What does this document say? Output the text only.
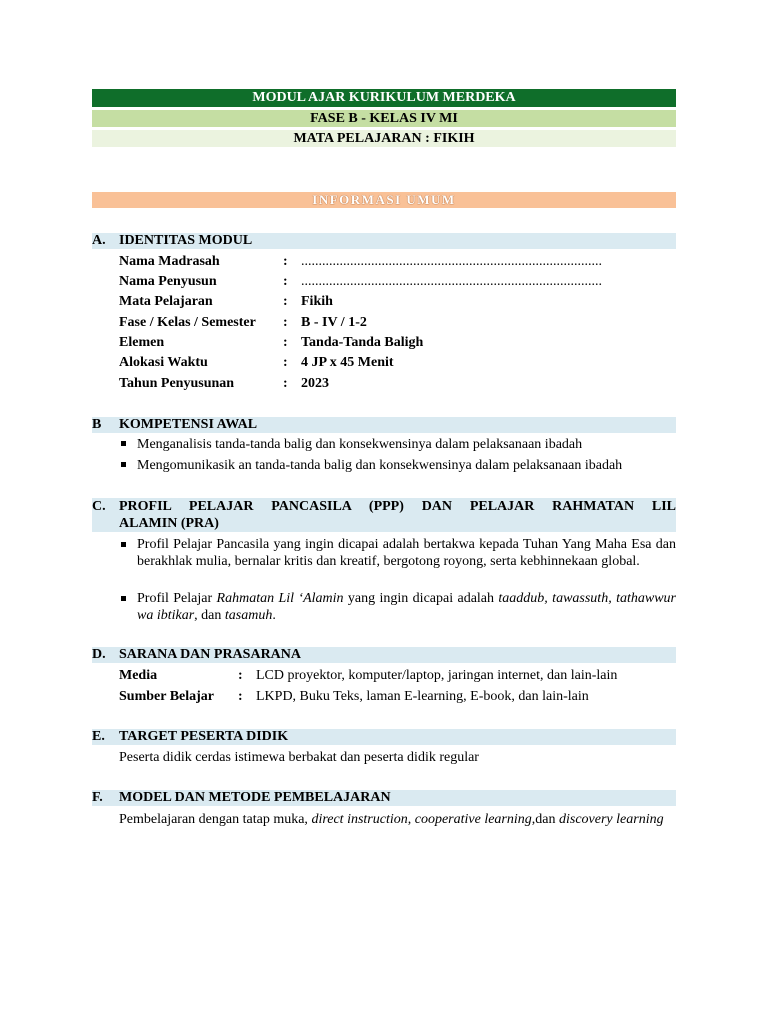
MODUL AJAR KURIKULUM MERDEKA
FASE B - KELAS IV MI
MATA PELAJARAN : FIKIH
INFORMASI UMUM
A. IDENTITAS MODUL
Nama Madrasah	: ......................................................................................
Nama Penyusun	: ......................................................................................
Mata Pelajaran	: Fikih
Fase / Kelas / Semester : B - IV / 1-2
Elemen	: Tanda-Tanda Baligh
Alokasi Waktu	: 4 JP x 45 Menit
Tahun Penyusunan	: 2023
B KOMPETENSI AWAL
Menganalisis tanda-tanda balig dan konsekwensinya dalam pelaksanaan ibadah
Mengomunikasik an tanda-tanda balig dan konsekwensinya dalam pelaksanaan ibadah
C. PROFIL PELAJAR PANCASILA (PPP) DAN PELAJAR RAHMATAN LIL
ALAMIN (PRA)
Profil Pelajar Pancasila yang ingin dicapai adalah bertakwa kepada Tuhan Yang Maha Esa dan berakhlak mulia, bernalar kritis dan kreatif, bergotong royong, serta kebhinnekaan global.
Profil Pelajar Rahmatan Lil ‘Alamin yang ingin dicapai adalah taaddub, tawassuth, tathawwur wa ibtikar, dan tasamuh.
D. SARANA DAN PRASARANA
Media	: LCD proyektor, komputer/laptop, jaringan internet, dan lain-lain
Sumber Belajar : LKPD, Buku Teks, laman E-learning, E-book, dan lain-lain
E. TARGET PESERTA DIDIK
Peserta didik cerdas istimewa berbakat dan peserta didik regular
F. MODEL DAN METODE PEMBELAJARAN
Pembelajaran dengan tatap muka, direct instruction, cooperative learning,dan discovery learning
